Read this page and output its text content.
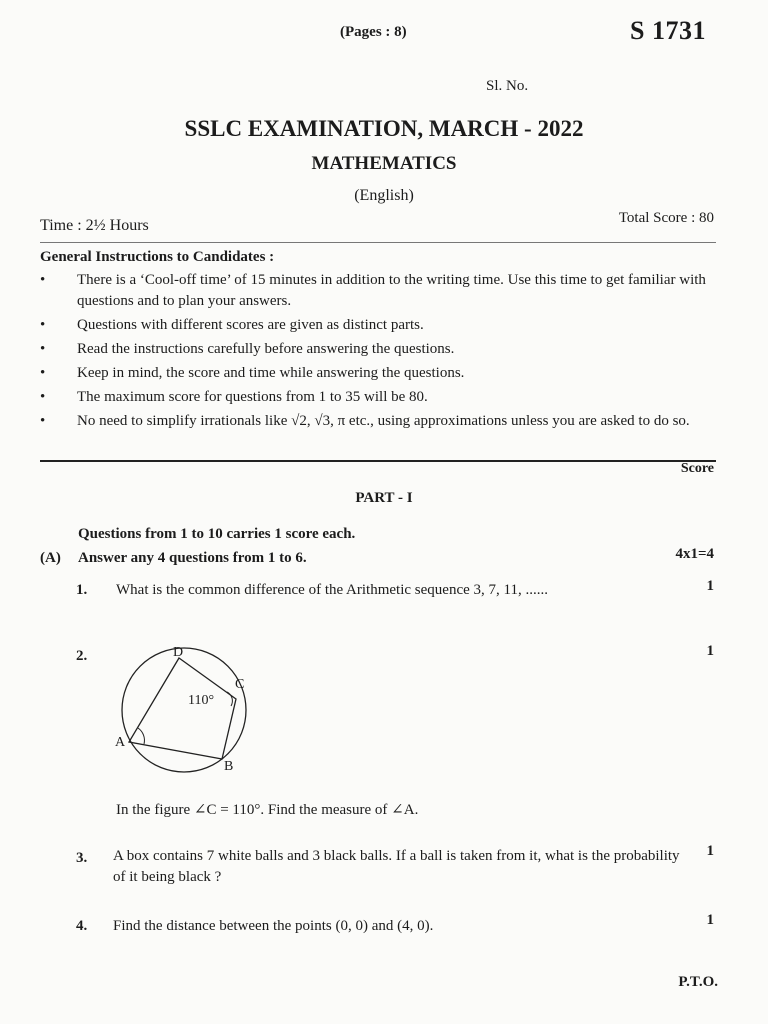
(Pages : 8)	S 1731
Sl. No.
SSLC EXAMINATION, MARCH - 2022
MATHEMATICS
(English)
Time : 2½ Hours	Total Score : 80
General Instructions to Candidates :
• There is a ‘Cool-off time’ of 15 minutes in addition to the writing time. Use this time to get familiar with questions and to plan your answers.
• Questions with different scores are given as distinct parts.
• Read the instructions carefully before answering the questions.
• Keep in mind, the score and time while answering the questions.
• The maximum score for questions from 1 to 35 will be 80.
• No need to simplify irrationals like √2, √3, π etc., using approximations unless you are asked to do so.
Score
PART - I
Questions from 1 to 10 carries 1 score each.
(A) Answer any 4 questions from 1 to 6.	4x1=4
1. What is the common difference of the Arithmetic sequence 3, 7, 11, ......	1
2.	1
D
C
A
B
110°
In the figure ∠C = 110°. Find the measure of ∠A.
3. A box contains 7 white balls and 3 black balls. If a ball is taken from it, what is the probability of it being black ?
1
4. Find the distance between the points (0, 0) and (4, 0).	1
P.T.O.
